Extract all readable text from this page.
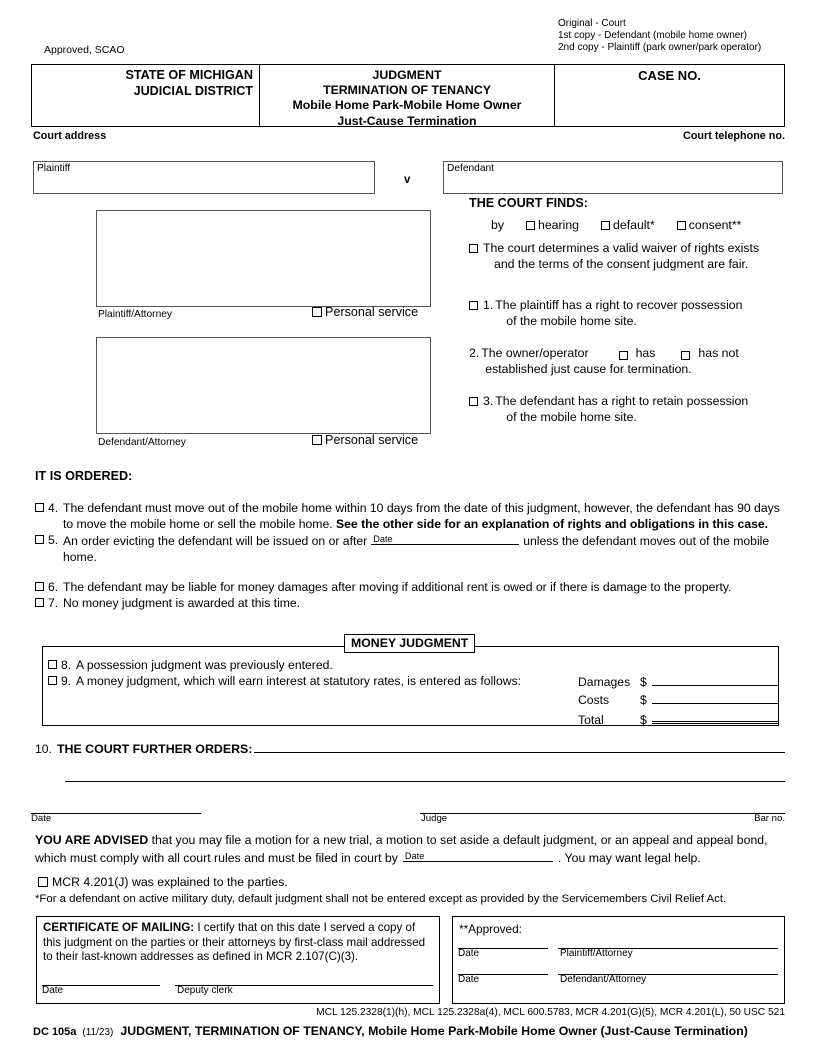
Original - Court
1st copy - Defendant (mobile home owner)
2nd copy - Plaintiff (park owner/park operator)
Approved, SCAO
STATE OF MICHIGAN
JUDICIAL DISTRICT
JUDGMENT
TERMINATION OF TENANCY
Mobile Home Park-Mobile Home Owner
Just-Cause Termination
CASE NO.
Court address	Court telephone no.
Plaintiff
v
Defendant
Plaintiff/Attorney	Personal service
Defendant/Attorney	Personal service
THE COURT FINDS:
by	hearing	default*	consent**
The court determines a valid waiver of rights exists
and the terms of the consent judgment are fair.
1. The plaintiff has a right to recover possession
of the mobile home site.
2. The owner/operator	has	has not
established just cause for termination.
3. The defendant has a right to retain possession
of the mobile home site.
IT IS ORDERED:
4. The defendant must move out of the mobile home within 10 days from the date of this judgment, however, the defendant has 90 days to move the mobile home or sell the mobile home. See the other side for an explanation of rights and obligations in this case.
5. An order evicting the defendant will be issued on or after Date	unless the defendant moves out of the mobile home.
6. The defendant may be liable for money damages after moving if additional rent is owed or if there is damage to the property.
7. No money judgment is awarded at this time.
MONEY JUDGMENT
8. A possession judgment was previously entered.
9. A money judgment, which will earn interest at statutory rates, is entered as follows:	Damages $
Costs	$
Total	$
10. THE COURT FURTHER ORDERS:
Date	Judge	Bar no.
YOU ARE ADVISED that you may file a motion for a new trial, a motion to set aside a default judgment, or an appeal and appeal bond, which must comply with all court rules and must be filed in court by Date	. You may want legal help.
MCR 4.201(J) was explained to the parties.
*For a defendant on active military duty, default judgment shall not be entered except as provided by the Servicemembers Civil Relief Act.
CERTIFICATE OF MAILING: I certify that on this date I served a copy of this judgment on the parties or their attorneys by first-class mail addressed to their last-known addresses as defined in MCR 2.107(C)(3).
Date	Deputy clerk
**Approved:
Date	Plaintiff/Attorney
Date	Defendant/Attorney
MCL 125.2328(1)(h), MCL 125.2328a(4), MCL 600.5783, MCR 4.201(G)(5), MCR 4.201(L), 50 USC 521
DC 105a (11/23) JUDGMENT, TERMINATION OF TENANCY, Mobile Home Park-Mobile Home Owner (Just-Cause Termination)
